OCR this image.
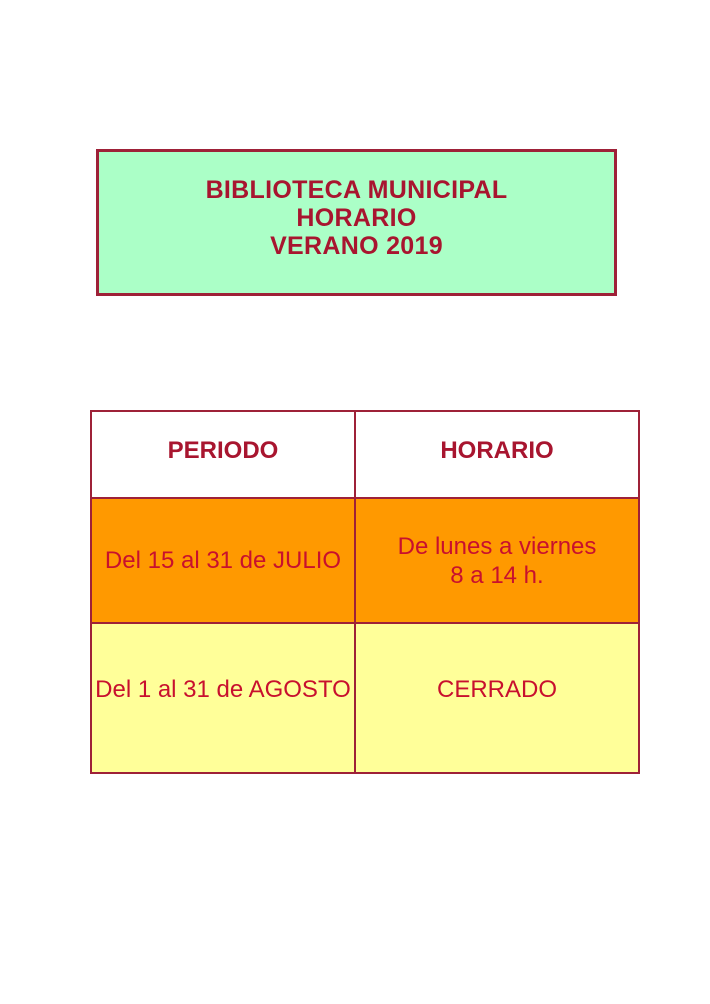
BIBLIOTECA MUNICIPAL
HORARIO
VERANO 2019
PERIODO	HORARIO

Del 15 al 31 de JULIO	De lunes a viernes
8 a 14 h.

Del 1 al 31 de AGOSTO	CERRADO
